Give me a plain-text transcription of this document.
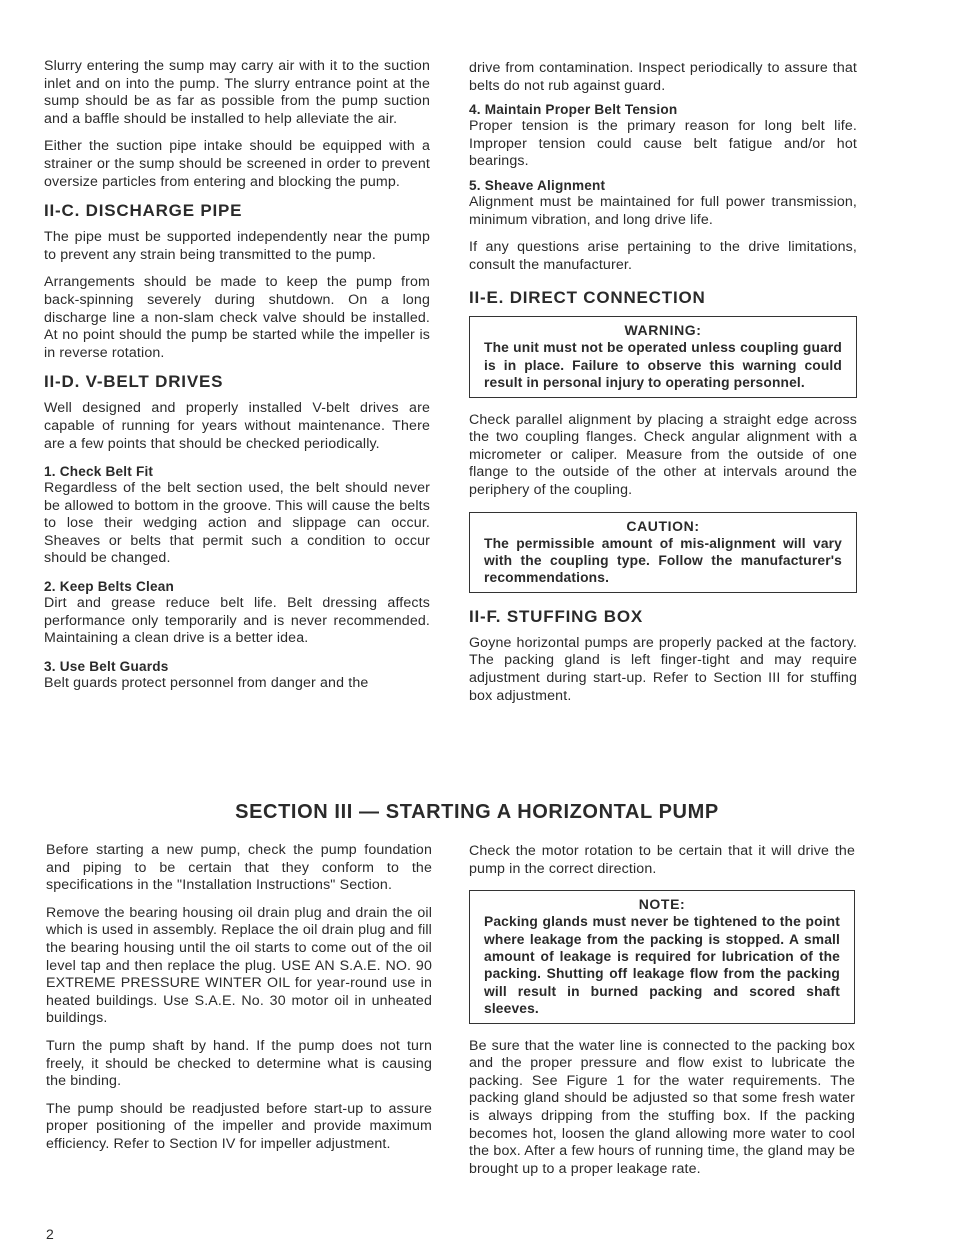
Slurry entering the sump may carry air with it to the suction inlet and on into the pump. The slurry entrance point at the sump should be as far as possible from the pump suction and a baffle should be installed to help alleviate the air.

Either the suction pipe intake should be equipped with a strainer or the sump should be screened in order to prevent oversize particles from entering and blocking the pump.

II-C. DISCHARGE PIPE

The pipe must be supported independently near the pump to prevent any strain being transmitted to the pump.

Arrangements should be made to keep the pump from back-spinning severely during shutdown. On a long discharge line a non-slam check valve should be installed. At no point should the pump be started while the impeller is in reverse rotation.

II-D. V-BELT DRIVES

Well designed and properly installed V-belt drives are capable of running for years without maintenance. There are a few points that should be checked periodically.

1. Check Belt Fit

Regardless of the belt section used, the belt should never be allowed to bottom in the groove. This will cause the belts to lose their wedging action and slippage can occur. Sheaves or belts that permit such a condition to occur should be changed.

2. Keep Belts Clean

Dirt and grease reduce belt life. Belt dressing affects performance only temporarily and is never recommended. Maintaining a clean drive is a better idea.

3. Use Belt Guards

Belt guards protect personnel from danger and the

drive from contamination. Inspect periodically to assure that belts do not rub against guard.

4. Maintain Proper Belt Tension

Proper tension is the primary reason for long belt life. Improper tension could cause belt fatigue and/or hot bearings.

5. Sheave Alignment

Alignment must be maintained for full power transmission, minimum vibration, and long drive life.

If any questions arise pertaining to the drive limitations, consult the manufacturer.

II-E. DIRECT CONNECTION
WARNING:

The unit must not be operated unless coupling guard is in place. Failure to observe this warning could result in personal injury to operating personnel.

Check parallel alignment by placing a straight edge across the two coupling flanges. Check angular alignment with a micrometer or caliper. Measure from the outside of one flange to the outside of the other at intervals around the periphery of the coupling.

CAUTION:

The permissible amount of mis-alignment will vary with the coupling type. Follow the manufacturer's recommendations.

II-F. STUFFING BOX

Goyne horizontal pumps are properly packed at the factory. The packing gland is left finger-tight and may require adjustment during start-up. Refer to Section III for stuffing box adjustment.

SECTION III — STARTING A HORIZONTAL PUMP

Before starting a new pump, check the pump foundation and piping to be certain that they conform to the specifications in the "Installation Instructions" Section.

Remove the bearing housing oil drain plug and drain the oil which is used in assembly. Replace the oil drain plug and fill the bearing housing until the oil starts to come out of the oil level tap and then replace the plug. USE AN S.A.E. NO. 90 EXTREME PRESSURE WINTER OIL for year-round use in heated buildings. Use S.A.E. No. 30 motor oil in unheated buildings.

Turn the pump shaft by hand. If the pump does not turn freely, it should be checked to determine what is causing the binding.

The pump should be readjusted before start-up to assure proper positioning of the impeller and provide maximum efficiency. Refer to Section IV for impeller adjustment.

Check the motor rotation to be certain that it will drive the pump in the correct direction.

NOTE:

Packing glands must never be tightened to the point where leakage from the packing is stopped. A small amount of leakage is required for lubrication of the packing. Shutting off leakage flow from the packing will result in burned packing and scored shaft sleeves.

Be sure that the water line is connected to the packing box and the proper pressure and flow exist to lubricate the packing. See Figure 1 for the water requirements. The packing gland should be adjusted so that some fresh water is always dripping from the stuffing box. If the packing becomes hot, loosen the gland allowing more water to cool the box. After a few hours of running time, the gland may be brought up to a proper leakage rate.

2
